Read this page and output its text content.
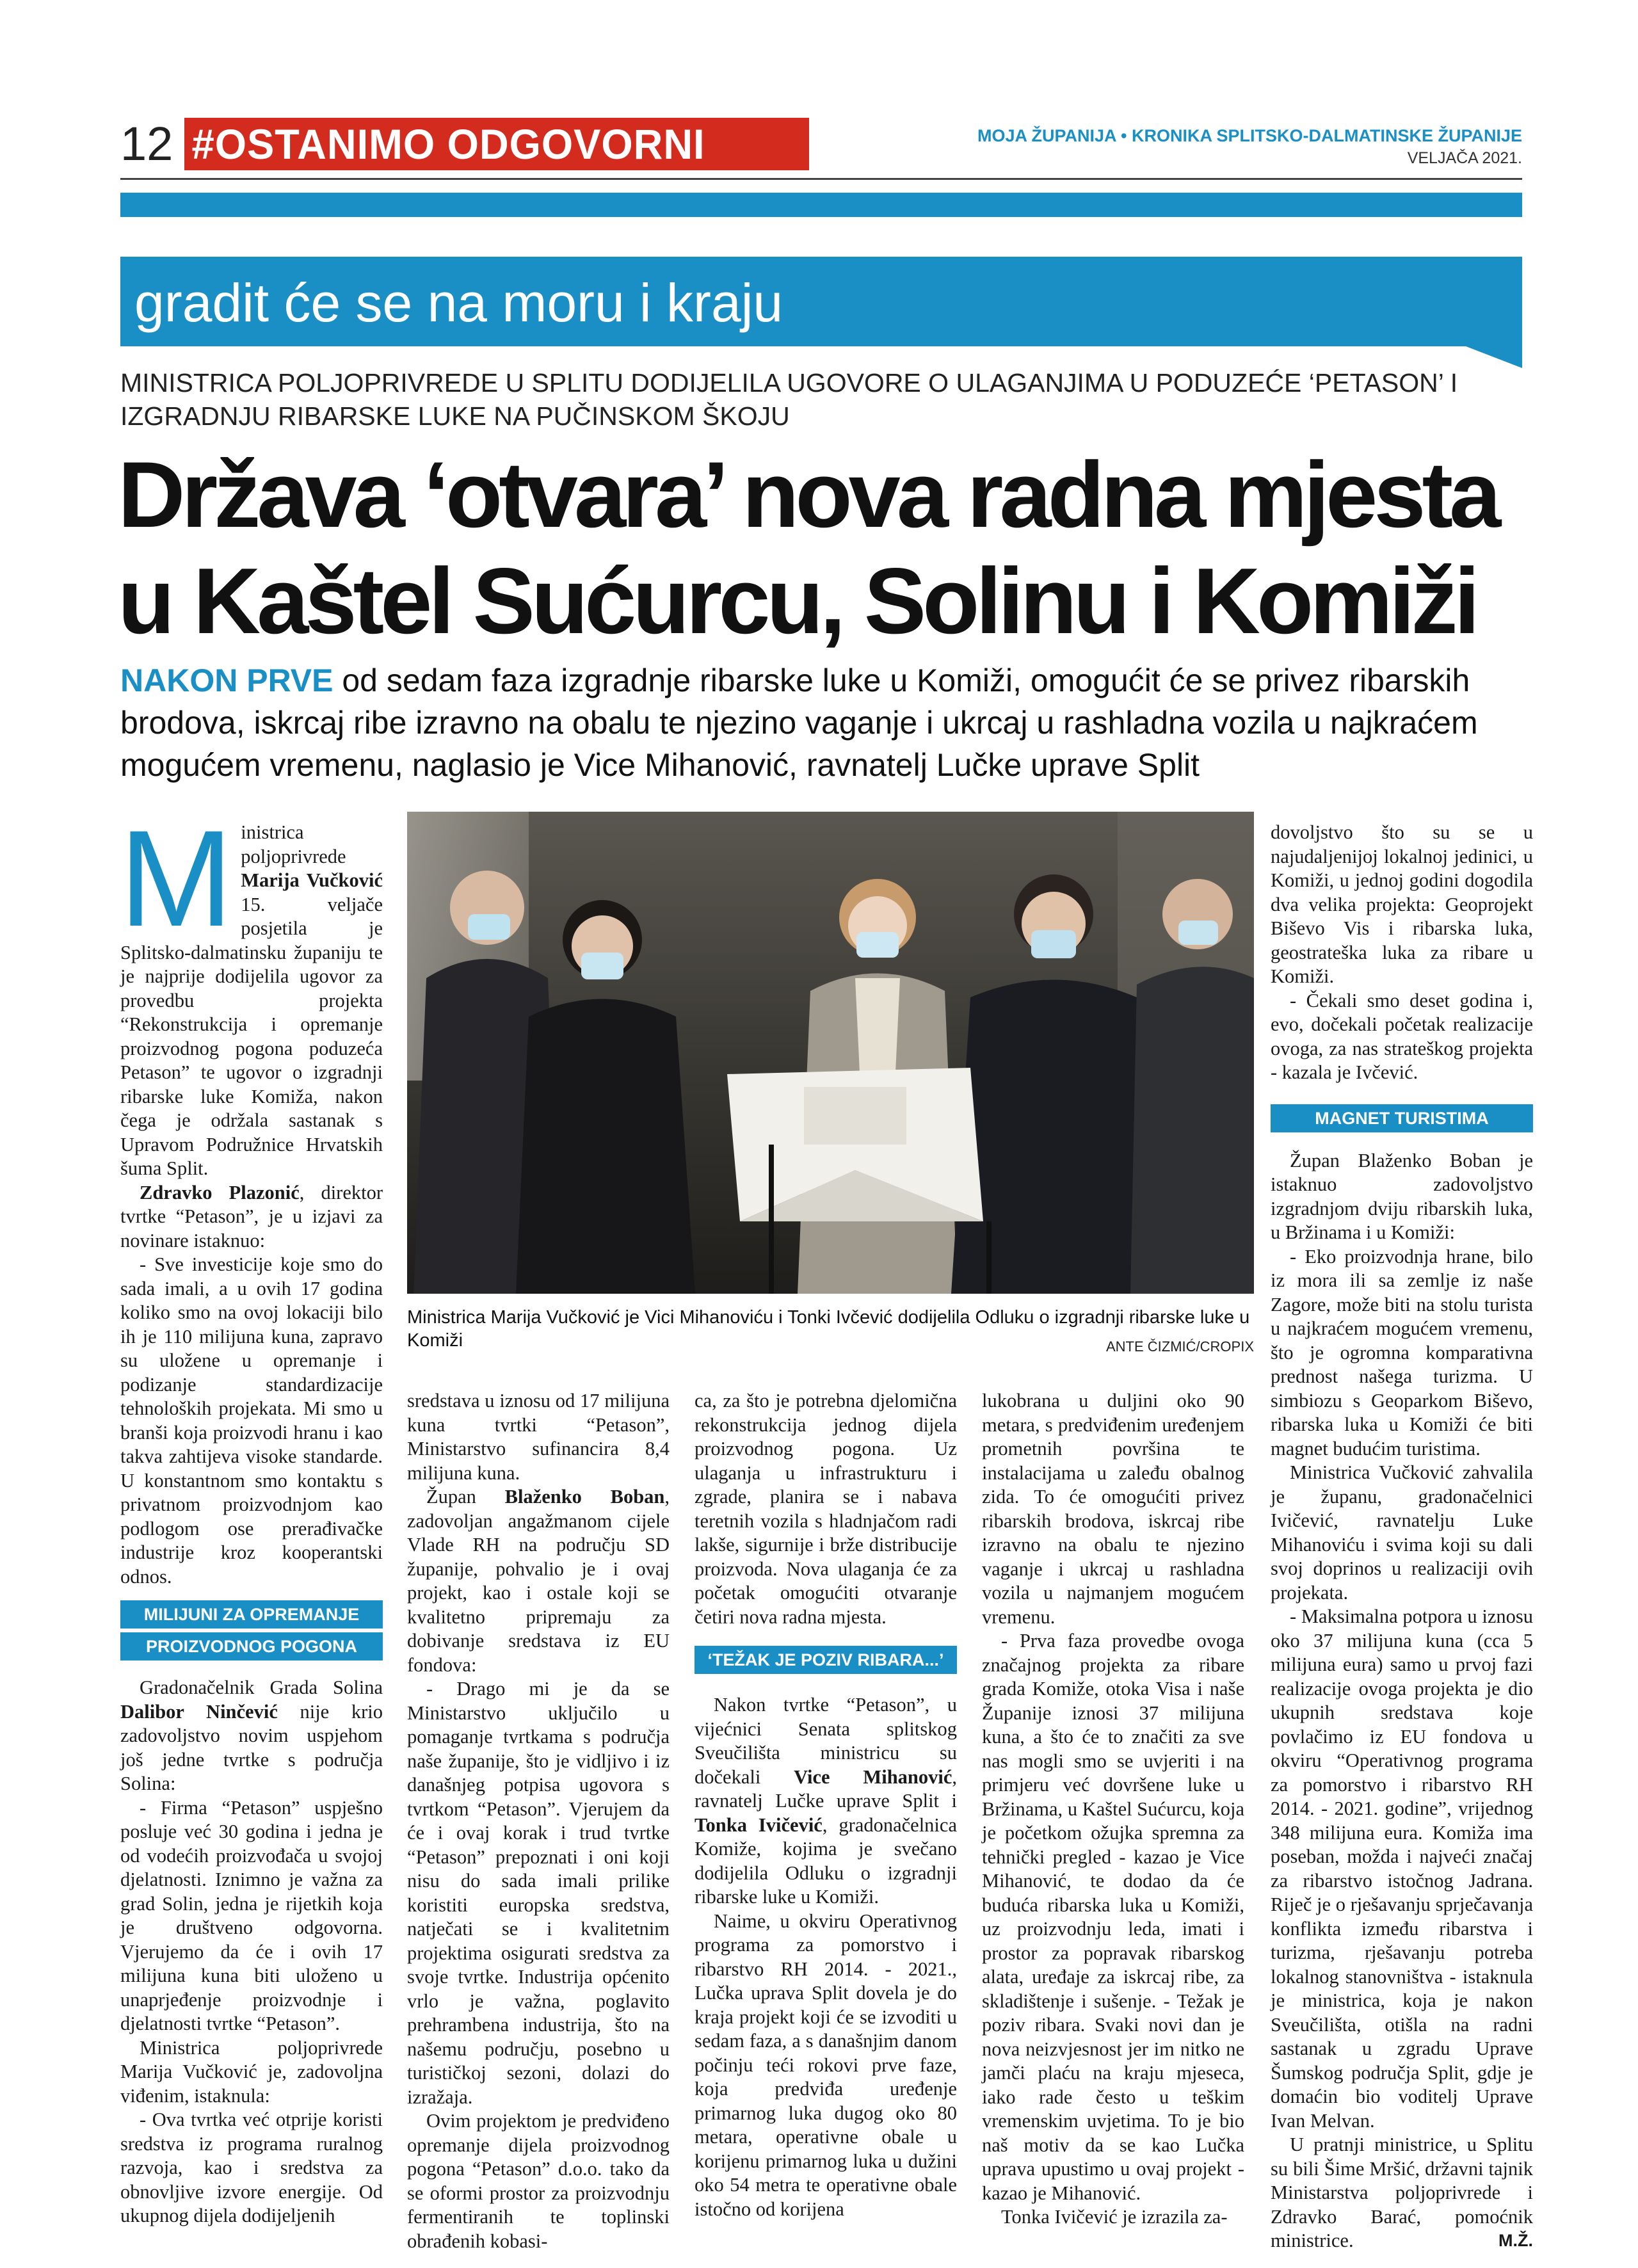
12 #OSTANIMO ODGOVORNI	MOJA ŽUPANIJA • KRONIKA SPLITSKO-DALMATINSKE ŽUPANIJE
VELJAČA 2021.
gradit će se na moru i kraju
MINISTRICA POLJOPRIVREDE U SPLITU DODIJELILA UGOVORE O ULAGANJIMA U PODUZEĆE ‘PETASON’ I IZGRADNJU RIBARSKE LUKE NA PUČINSKOM ŠKOJU
Država ‘otvara’ nova radna mjesta
u Kaštel Sućurcu, Solinu i Komiži
NAKON PRVE od sedam faza izgradnje ribarske luke u Komiži, omogućit će se privez ribarskih brodova, iskrcaj ribe izravno na obalu te njezino vaganje i ukrcaj u rashladna vozila u najkraćem mogućem vremenu, naglasio je Vice Mihanović, ravnatelj Lučke uprave Split
Ministrica Marija Vučković je Vici Mihanoviću i Tonki Ivčević dodijelila Odluku o izgradnji ribarske luke u Komiži	ANTE ČIZMIĆ/CROPIX

Ministrica poljoprivrede Marija Vučković 15. veljače posjetila je Splitsko-dalmatinsku županiju te je najprije dodijelila ugovor za provedbu projekta “Rekonstrukcija i opremanje proizvodnog pogona poduzeća Petason” te ugovor o izgradnji ribarske luke Komiža, nakon čega je održala sastanak s Upravom Podružnice Hrvatskih šuma Split.

Zdravko Plazonić, direktor tvrtke “Petason”, je u izjavi za novinare istaknuo:

- Sve investicije koje smo do sada imali, a u ovih 17 godina koliko smo na ovoj lokaciji bilo ih je 110 milijuna kuna, zapravo su uložene u opremanje i podizanje standardizacije tehnoloških projekata. Mi smo u branši koja proizvodi hranu i kao takva zahtijeva visoke standarde. U konstantnom smo kontaktu s privatnom proizvodnjom kao podlogom ose prerađivačke industrije kroz kooperantski odnos.

MILIJUNI ZA OPREMANJE
PROIZVODNOG POGONA

Gradonačelnik Grada Solina Dalibor Ninčević nije krio zadovoljstvo novim uspjehom još jedne tvrtke s područja Solina:

- Firma “Petason” uspješno posluje već 30 godina i jedna je od vodećih proizvođača u svojoj djelatnosti. Iznimno je važna za grad Solin, jedna je rijetkih koja je društveno odgovorna. Vjerujemo da će i ovih 17 milijuna kuna biti uloženo u unaprjeđenje proizvodnje i djelatnosti tvrtke “Petason”.

Ministrica poljoprivrede Marija Vučković je, zadovoljna viđenim, istaknula:

- Ova tvrtka već otprije koristi sredstva iz programa ruralnog razvoja, kao i sredstva za obnovljive izvore energije. Od ukupnog dijela dodijeljenih

sredstava u iznosu od 17 milijuna kuna tvrtki “Petason”, Ministarstvo sufinancira 8,4 milijuna kuna.

Župan Blaženko Boban, zadovoljan angažmanom cijele Vlade RH na području SD županije, pohvalio je i ovaj projekt, kao i ostale koji se kvalitetno pripremaju za dobivanje sredstava iz EU fondova:

- Drago mi je da se Ministarstvo uključilo u pomaganje tvrtkama s područja naše županije, što je vidljivo i iz današnjeg potpisa ugovora s tvrtkom “Petason”. Vjerujem da će i ovaj korak i trud tvrtke “Petason” prepoznati i oni koji nisu do sada imali prilike koristiti europska sredstva, natječati se i kvalitetnim projektima osigurati sredstva za svoje tvrtke. Industrija općenito vrlo je važna, poglavito prehrambena industrija, što na našemu području, posebno u turističkoj sezoni, dolazi do izražaja.

Ovim projektom je predviđeno opremanje dijela proizvodnog pogona “Petason” d.o.o. tako da se oformi prostor za proizvodnju fermentiranih te toplinski obrađenih kobasi-

ca, za što je potrebna djelomična rekonstrukcija jednog dijela proizvodnog pogona. Uz ulaganja u infrastrukturu i zgrade, planira se i nabava teretnih vozila s hladnjačom radi lakše, sigurnije i brže distribucije proizvoda. Nova ulaganja će za početak omogućiti otvaranje četiri nova radna mjesta.

‘TEŽAK JE POZIV RIBARA...’

Nakon tvrtke “Petason”, u vijećnici Senata splitskog Sveučilišta ministricu su dočekali Vice Mihanović, ravnatelj Lučke uprave Split i Tonka Ivičević, gradonačelnica Komiže, kojima je svečano dodijelila Odluku o izgradnji ribarske luke u Komiži.

Naime, u okviru Operativnog programa za pomorstvo i ribarstvo RH 2014. - 2021., Lučka uprava Split dovela je do kraja projekt koji će se izvoditi u sedam faza, a s današnjim danom počinju teći rokovi prve faze, koja predviđa uređenje primarnog luka dugog oko 80 metara, operativne obale u korijenu primarnog luka u dužini oko 54 metra te operativne obale istočno od korijena

lukobrana u duljini oko 90 metara, s predviđenim uređenjem prometnih površina te instalacijama u zaleđu obalnog zida. To će omogućiti privez ribarskih brodova, iskrcaj ribe izravno na obalu te njezino vaganje i ukrcaj u rashladna vozila u najmanjem mogućem vremenu.

- Prva faza provedbe ovoga značajnog projekta za ribare grada Komiže, otoka Visa i naše Županije iznosi 37 milijuna kuna, a što će to značiti za sve nas mogli smo se uvjeriti i na primjeru već dovršene luke u Bržinama, u Kaštel Sućurcu, koja je početkom ožujka spremna za tehnički pregled - kazao je Vice Mihanović, te dodao da će buduća ribarska luka u Komiži, uz proizvodnju leda, imati i prostor za popravak ribarskog alata, uređaje za iskrcaj ribe, za skladištenje i sušenje. - Težak je poziv ribara. Svaki novi dan je nova neizvjesnost jer im nitko ne jamči plaću na kraju mjeseca, iako rade često u teškim vremenskim uvjetima. To je bio naš motiv da se kao Lučka uprava upustimo u ovaj projekt - kazao je Mihanović.

Tonka Ivičević je izrazila za-

dovoljstvo što su se u najudaljenijoj lokalnoj jedinici, u Komiži, u jednoj godini dogodila dva velika projekta: Geoprojekt Biševo Vis i ribarska luka, geostrateška luka za ribare u Komiži.

- Čekali smo deset godina i, evo, dočekali početak realizacije ovoga, za nas strateškog projekta - kazala je Ivčević.

MAGNET TURISTIMA

Župan Blaženko Boban je istaknuo zadovoljstvo izgradnjom dviju ribarskih luka, u Bržinama i u Komiži:

- Eko proizvodnja hrane, bilo iz mora ili sa zemlje iz naše Zagore, može biti na stolu turista u najkraćem mogućem vremenu, što je ogromna komparativna prednost našega turizma. U simbiozu s Geoparkom Biševo, ribarska luka u Komiži će biti magnet budućim turistima.

Ministrica Vučković zahvalila je županu, gradonačelnici Ivičević, ravnatelju Luke Mihanoviću i svima koji su dali svoj doprinos u realizaciji ovih projekata.

- Maksimalna potpora u iznosu oko 37 milijuna kuna (cca 5 milijuna eura) samo u prvoj fazi realizacije ovoga projekta je dio ukupnih sredstava koje povlačimo iz EU fondova u okviru “Operativnog programa za pomorstvo i ribarstvo RH 2014. - 2021. godine”, vrijednog 348 milijuna eura. Komiža ima poseban, možda i najveći značaj za ribarstvo istočnog Jadrana. Riječ je o rješavanju sprječavanja konflikta između ribarstva i turizma, rješavanju potreba lokalnog stanovništva - istaknula je ministrica, koja je nakon Sveučilišta, otišla na radni sastanak u zgradu Uprave Šumskog područja Split, gdje je domaćin bio voditelj Uprave Ivan Melvan.

U pratnji ministrice, u Splitu su bili Šime Mršić, državni tajnik Ministarstva poljoprivrede i Zdravko Barać, pomoćnik ministrice.	M.Ž.
